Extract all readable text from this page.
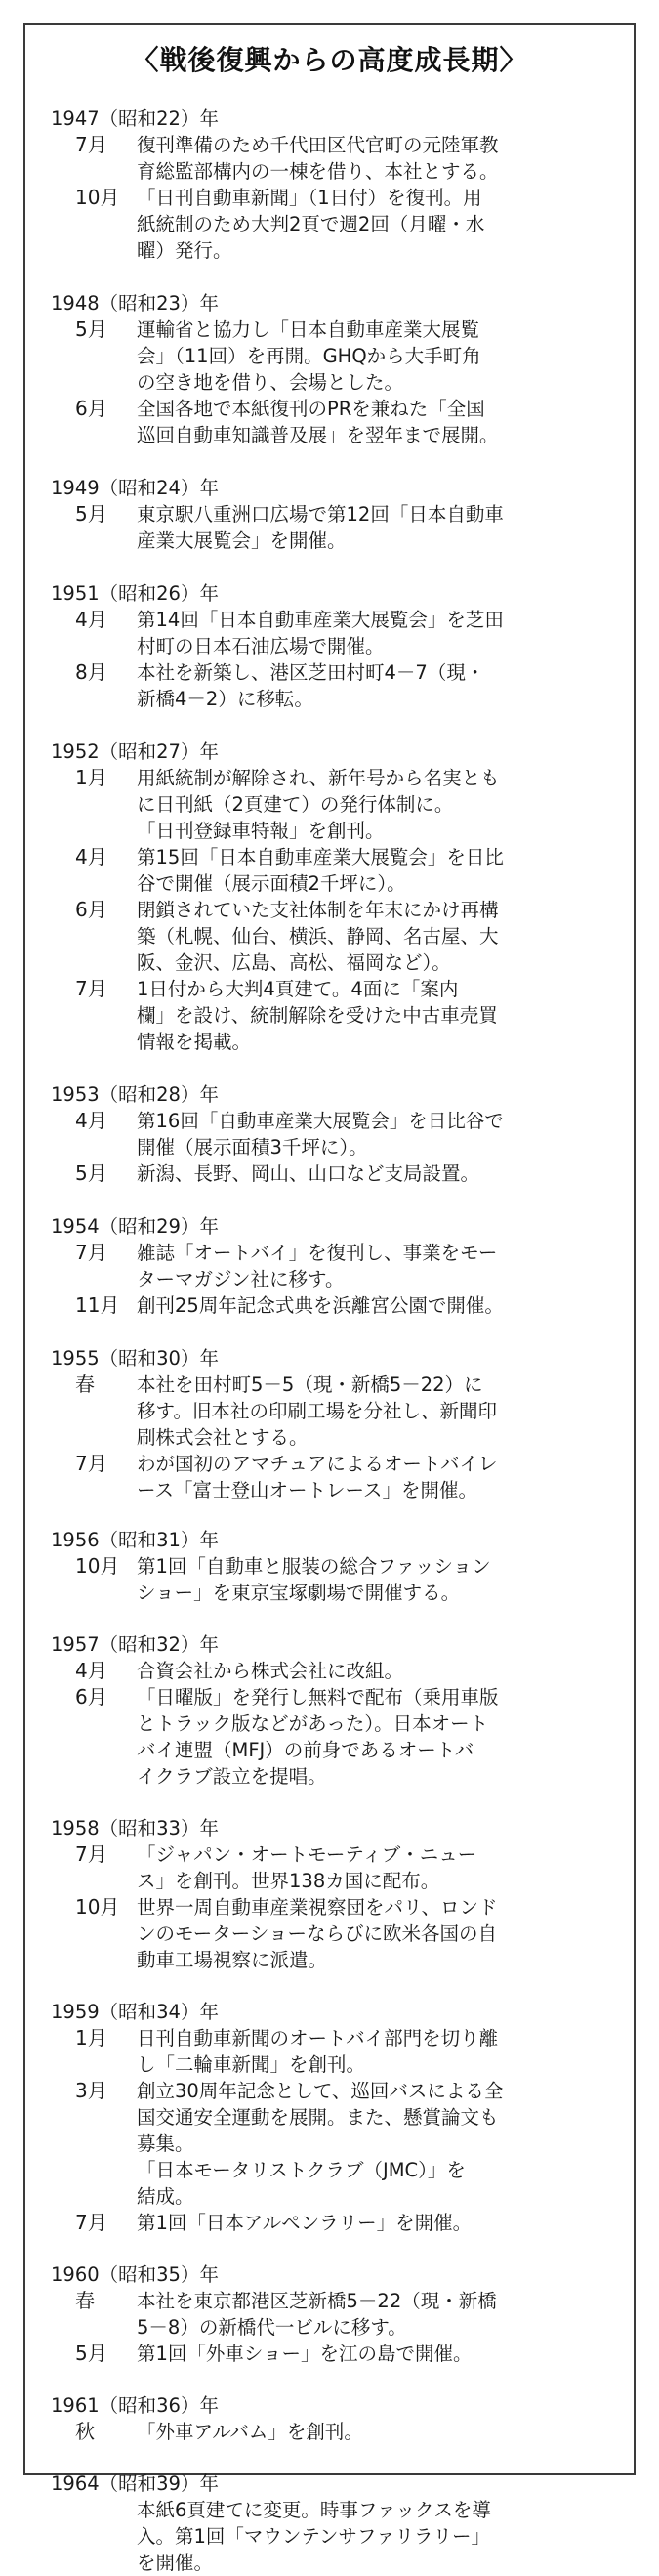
〈戦後復興からの高度成長期〉
1947（昭和22）年
7月	復刊準備のため千代田区代官町の元陸軍教
育総監部構内の一棟を借り、本社とする。
10月 「日刊自動車新聞」（1日付）を復刊。用
紙統制のため大判2頁で週2回（月曜・水
曜）発行。
1948（昭和23）年
5月	運輸省と協力し「日本自動車産業大展覧
会」（11回）を再開。GHQから大手町角
の空き地を借り、会場とした。
6月	全国各地で本紙復刊のPRを兼ねた「全国
巡回自動車知識普及展」を翌年まで展開。
1949（昭和24）年
5月	東京駅八重洲口広場で第12回「日本自動車
産業大展覧会」を開催。
1951（昭和26）年
4月	第14回「日本自動車産業大展覧会」を芝田
村町の日本石油広場で開催。
8月	本社を新築し、港区芝田村町4－7（現・
新橋4－2）に移転。
1952（昭和27）年
1月	用紙統制が解除され、新年号から名実とも
に日刊紙（2頁建て）の発行体制に。
「日刊登録車特報」を創刊。
4月	第15回「日本自動車産業大展覧会」を日比
谷で開催（展示面積2千坪に）。
6月	閉鎖されていた支社体制を年末にかけ再構
築（札幌、仙台、横浜、静岡、名古屋、大
阪、金沢、広島、高松、福岡など）。
7月	1日付から大判4頁建て。4面に「案内
欄」を設け、統制解除を受けた中古車売買
情報を掲載。
1953（昭和28）年
4月	第16回「自動車産業大展覧会」を日比谷で
開催（展示面積3千坪に）。
5月	新潟、長野、岡山、山口など支局設置。
1954（昭和29）年
7月	雑誌「オートバイ」を復刊し、事業をモー
ターマガジン社に移す。
11月 創刊25周年記念式典を浜離宮公園で開催。
1955（昭和30）年
春	本社を田村町5－5（現・新橋5－22）に
移す。旧本社の印刷工場を分社し、新聞印
刷株式会社とする。
7月	わが国初のアマチュアによるオートバイレ
ース「富士登山オートレース」を開催。
1956（昭和31）年
10月 第1回「自動車と服装の総合ファッション
ショー」を東京宝塚劇場で開催する。
1957（昭和32）年
4月	合資会社から株式会社に改組。
6月	「日曜版」を発行し無料で配布（乗用車版
とトラック版などがあった）。日本オート
バイ連盟（MFJ）の前身であるオートバ
イクラブ設立を提唱。
1958（昭和33）年
7月	「ジャパン・オートモーティブ・ニュー
ス」を創刊。世界138カ国に配布。
10月 世界一周自動車産業視察団をパリ、ロンド
ンのモーターショーならびに欧米各国の自
動車工場視察に派遣。
1959（昭和34）年
1月	日刊自動車新聞のオートバイ部門を切り離
し「二輪車新聞」を創刊。
3月	創立30周年記念として、巡回バスによる全
国交通安全運動を展開。また、懸賞論文も
募集。
「日本モータリストクラブ（JMC）」を
結成。
7月	第1回「日本アルペンラリー」を開催。
1960（昭和35）年
春	本社を東京都港区芝新橋5－22（現・新橋
5－8）の新橋代一ビルに移す。
5月	第1回「外車ショー」を江の島で開催。
1961（昭和36）年
秋	「外車アルバム」を創刊。
1964（昭和39）年
本紙6頁建てに変更。時事ファックスを導
入。第1回「マウンテンサファリラリー」
を開催。
